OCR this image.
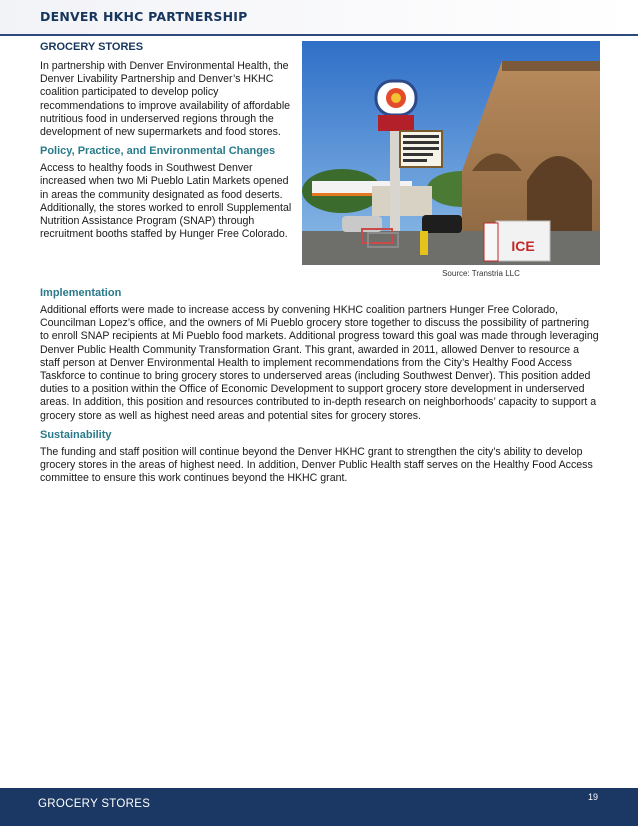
DENVER HKHC PARTNERSHIP
GROCERY STORES

In partnership with Denver Environmental Health, the Denver Livability Partnership and Denver’s HKHC coalition participated to develop policy recommendations to improve availability of affordable nutritious food in underserved regions through the development of new supermarkets and food stores.

Policy, Practice, and Environmental Changes

Access to healthy foods in Southwest Denver increased when two Mi Pueblo Latin Markets opened in areas the community designated as food deserts. Additionally, the stores worked to enroll Supplemental Nutrition Assistance Program (SNAP) through recruitment booths staffed by Hunger Free Colorado.

ICE
Source: Transtria LLC
Implementation

Additional efforts were made to increase access by convening HKHC coalition partners Hunger Free Colorado, Councilman Lopez’s office, and the owners of Mi Pueblo grocery store together to discuss the possibility of partnering to enroll SNAP recipients at Mi Pueblo food markets. Additional progress toward this goal was made through leveraging Denver Public Health Community Transformation Grant. This grant, awarded in 2011, allowed Denver to resource a staff person at Denver Environmental Health to implement recommendations from the City’s Healthy Food Access Taskforce to continue to bring grocery stores to underserved areas (including Southwest Denver). This position added duties to a position within the Office of Economic Development to support grocery store development in underserved areas. In addition, this position and resources contributed to in-depth research on neighborhoods’ capacity to support a grocery store as well as highest need areas and potential sites for grocery stores.

Sustainability

The funding and staff position will continue beyond the Denver HKHC grant to strengthen the city’s ability to develop grocery stores in the areas of highest need. In addition, Denver Public Health staff serves on the Healthy Food Access committee to ensure this work continues beyond the HKHC grant.

GROCERY STORES
19
